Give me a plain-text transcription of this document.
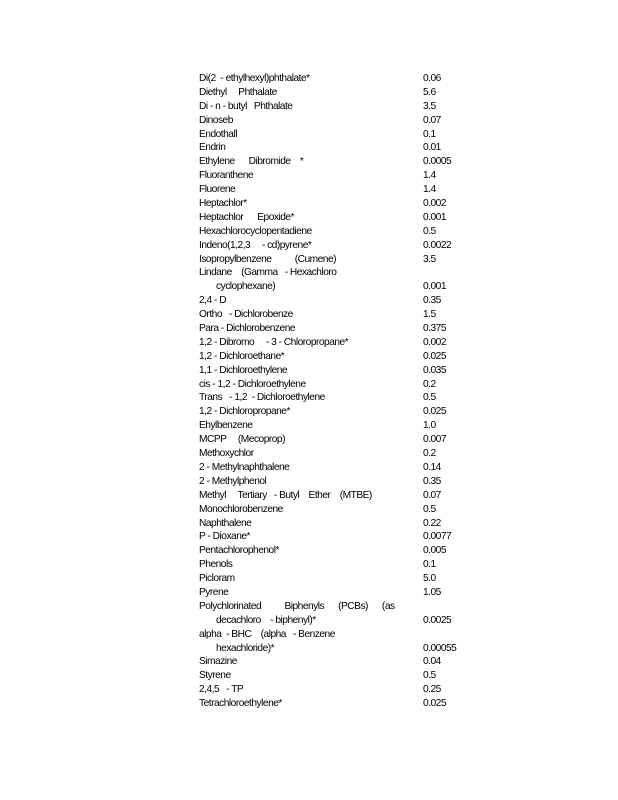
Di(2  - ethylhexyl)phthalate*	0.06
Diethyl     Phthalate	5.6
Di - n - butyl   Phthalate	3.5
Dinoseb	0.07
Endothall	0.1
Endrin	0.01
Ethylene      Dibromide    *	0.0005
Fluoranthene	1.4
Fluorene	1.4
Heptachlor*	0.002
Heptachlor      Epoxide*	0.001
Hexachlorocyclopentadiene	0.5
Indeno(1,2,3     - cd)pyrene*	0.0022
Isopropylbenzene          (Cumene)	3.5
Lindane    (Gamma   - Hexachloro
cyclophexane)	0.001
2,4 - D	0.35
Ortho   - Dichlorobenze	1.5
Para - Dichlorobenzene	0.375
1,2 - Dibromo     - 3 - Chloropropane*	0.002
1,2 - Dichloroethane*	0.025
1,1 - Dichloroethylene	0.035
cis - 1,2 - Dichloroethylene	0.2
Trans   - 1,2  - Dichloroethylene	0.5
1,2 - Dichloropropane*	0.025
Ehylbenzene	1.0
MCPP     (Mecoprop)	0.007
Methoxychlor	0.2
2 - Methylnaphthalene	0.14
2 - Methylphenol	0.35
Methyl     Tertiary   - Butyl    Ether    (MTBE)	0.07
Monochlorobenzene	0.5
Naphthalene	0.22
P - Dioxane*	0.0077
Pentachlorophenol*	0.005
Phenols	0.1
Picloram	5.0
Pyrene	1.05
Polychlorinated          Biphenyls      (PCBs)      (as
decachloro    - biphenyl)*	0.0025
alpha  - BHC    (alpha   - Benzene
hexachloride)*	0.00055
Simazine	0.04
Styrene	0.5
2,4,5   - TP	0.25
Tetrachloroethylene*	0.025
